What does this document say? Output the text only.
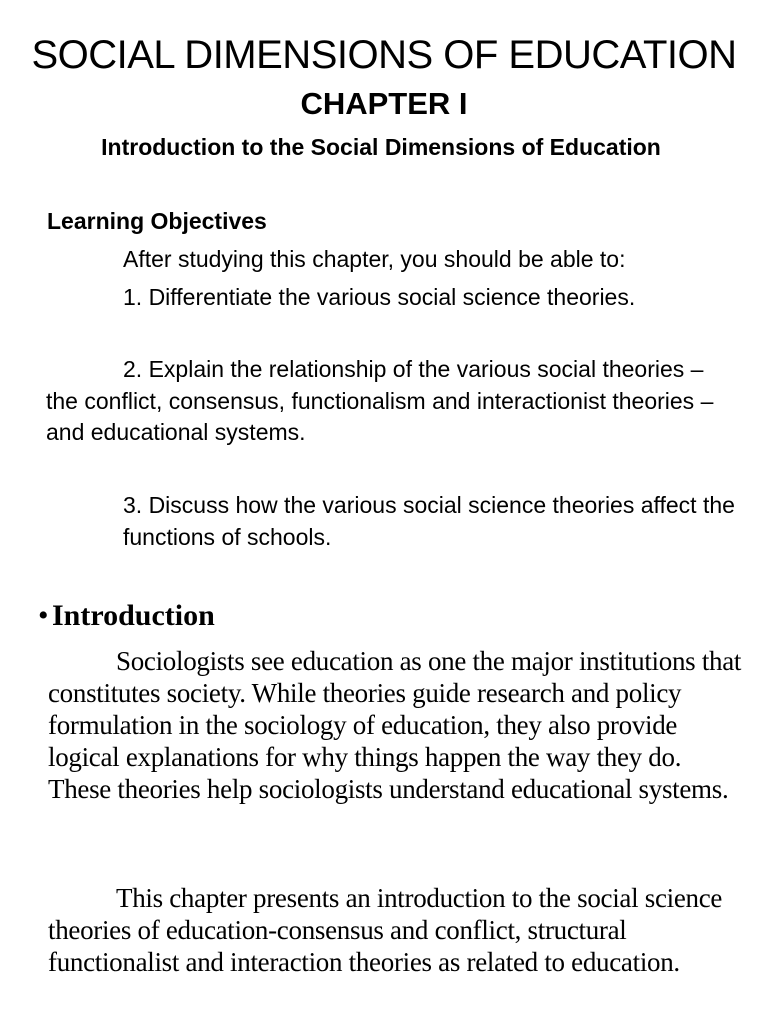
SOCIAL DIMENSIONS OF EDUCATION
CHAPTER I
Introduction to the Social Dimensions of Education
Learning Objectives
After studying this chapter, you should be able to:
1. Differentiate the various social science theories.
2. Explain the relationship of the various social theories – the conflict, consensus, functionalism and interactionist theories – and educational systems.
3. Discuss how the various social science theories affect the functions of schools.
• Introduction
Sociologists see education as one the major institutions that constitutes society. While theories guide research and policy formulation in the sociology of education, they also provide logical explanations for why things happen the way they do. These theories help sociologists understand educational systems.
This chapter presents an introduction to the social science theories of education-consensus and conflict, structural functionalist and interaction theories as related to education.
